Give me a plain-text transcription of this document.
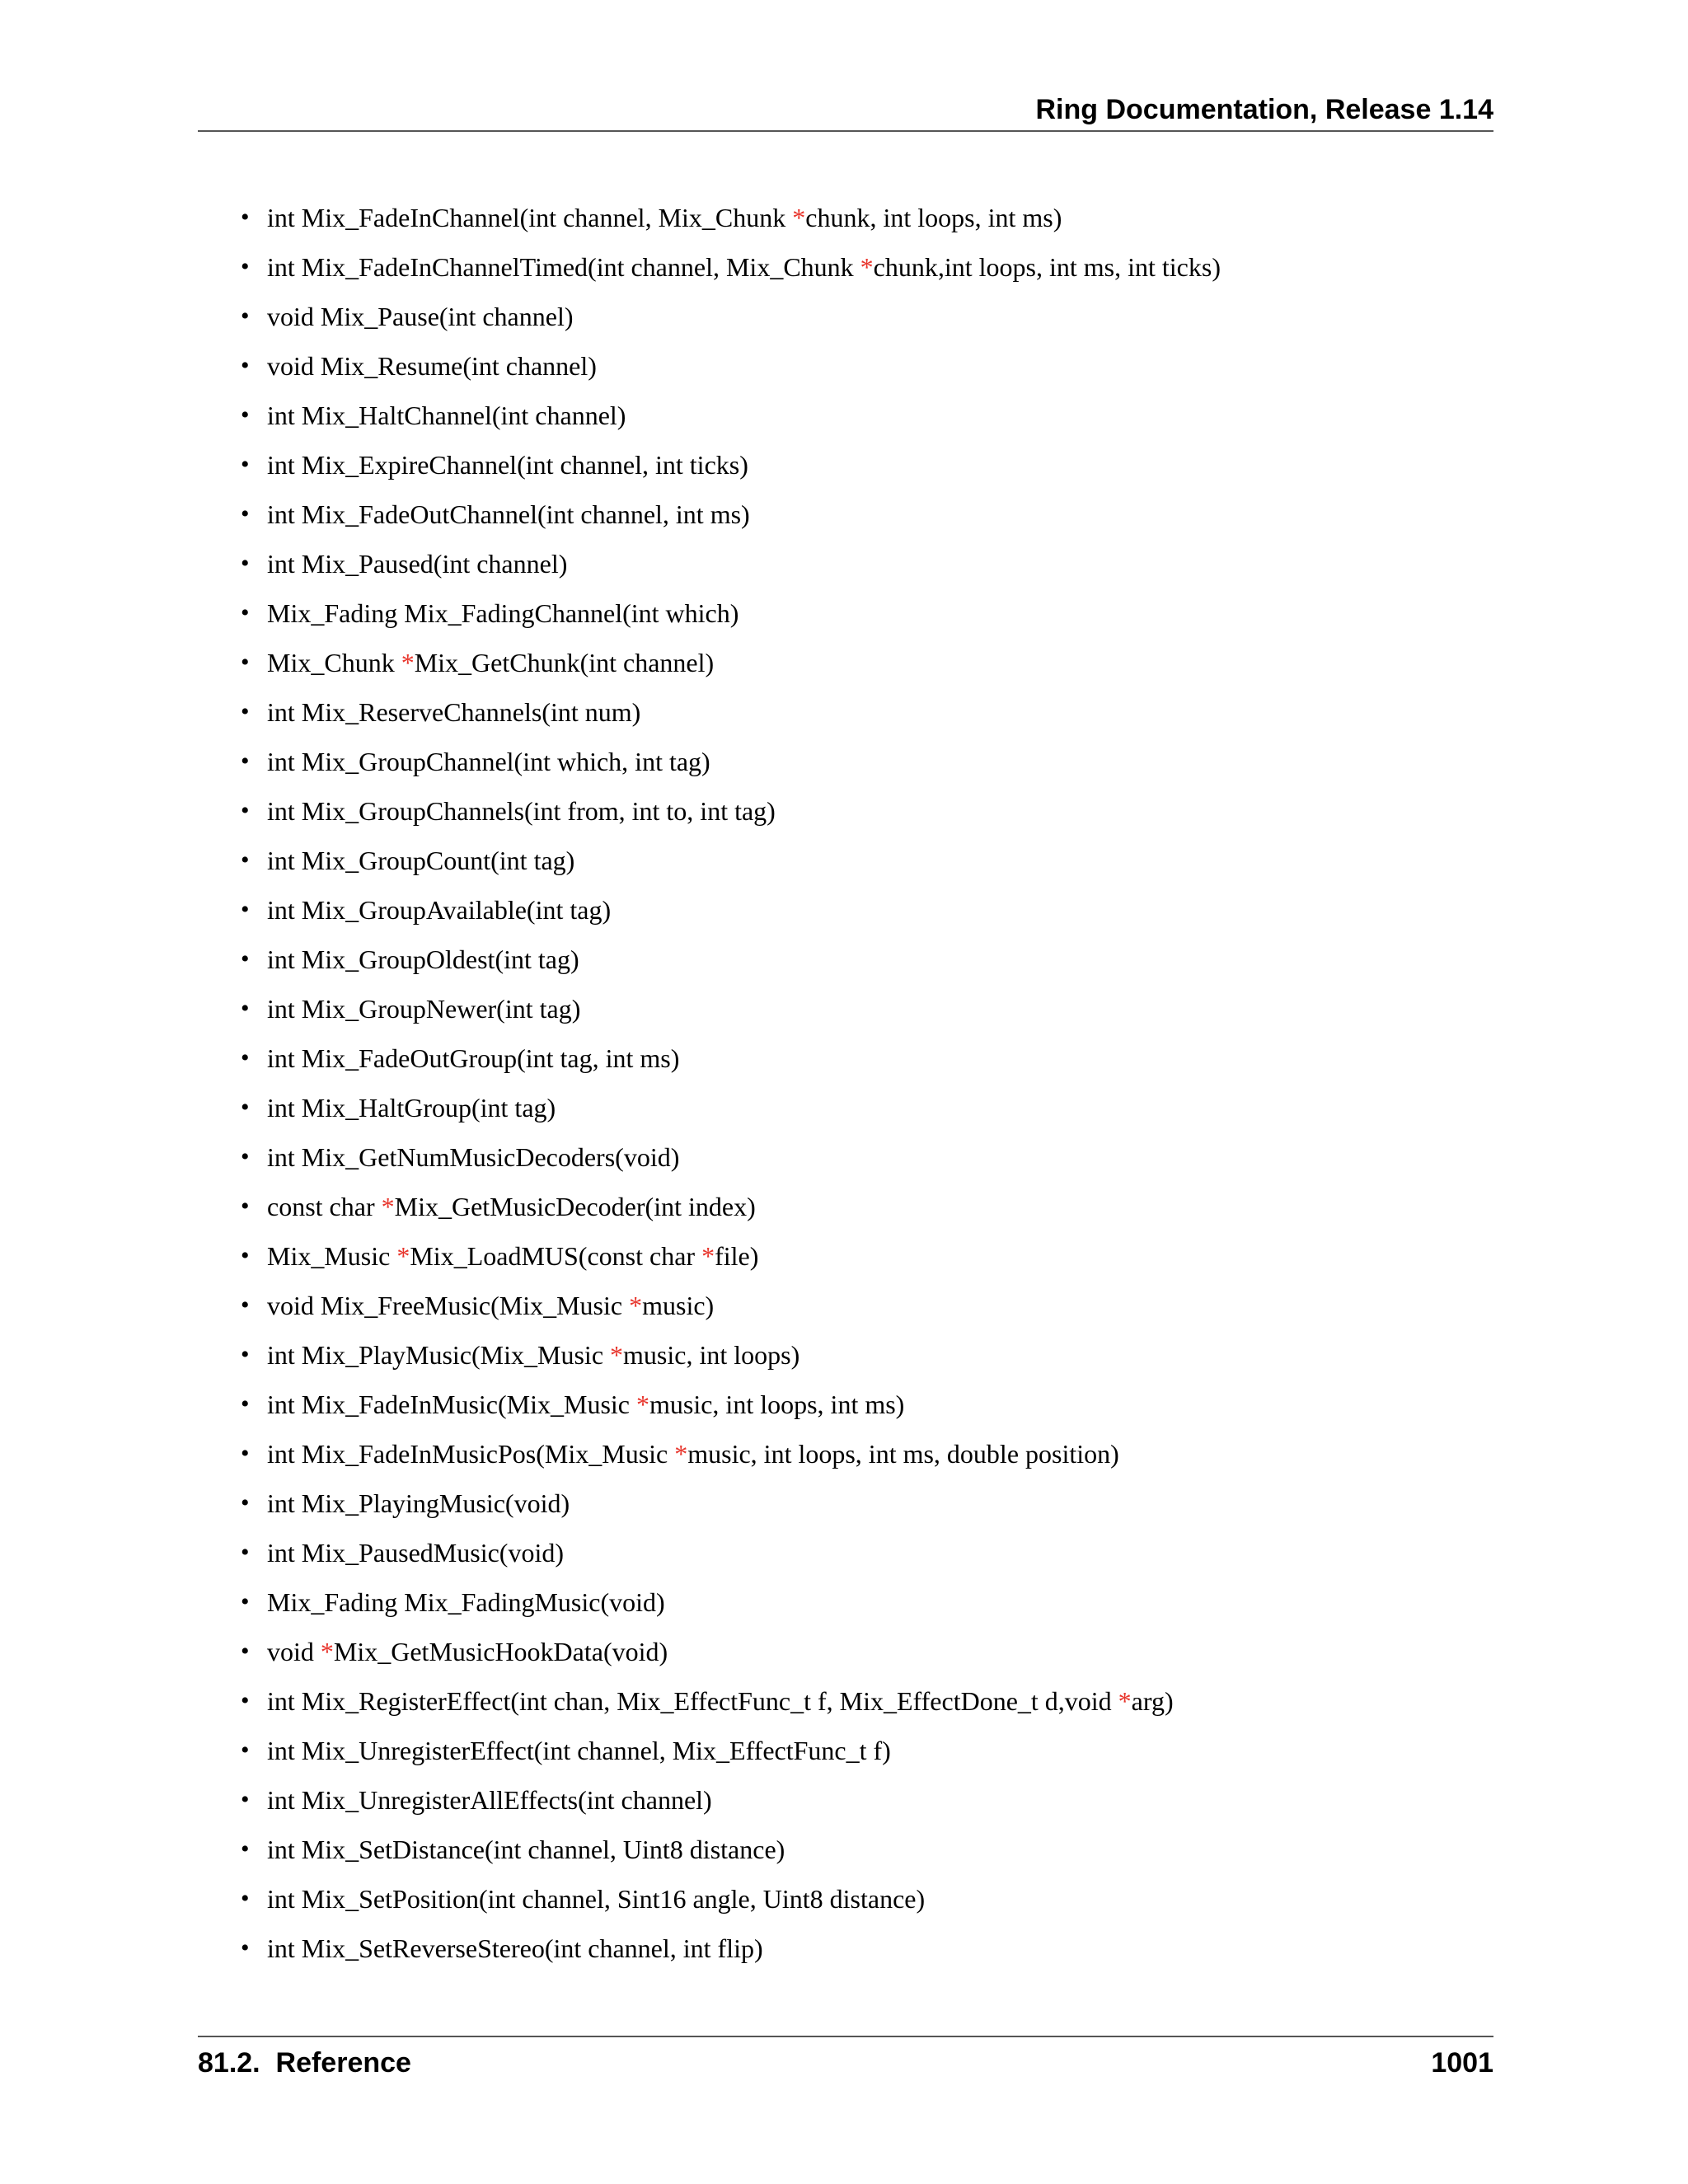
Ring Documentation, Release 1.14
• int Mix_FadeInChannel(int channel, Mix_Chunk *chunk, int loops, int ms)
• int Mix_FadeInChannelTimed(int channel, Mix_Chunk *chunk,int loops, int ms, int ticks)
• void Mix_Pause(int channel)
• void Mix_Resume(int channel)
• int Mix_HaltChannel(int channel)
• int Mix_ExpireChannel(int channel, int ticks)
• int Mix_FadeOutChannel(int channel, int ms)
• int Mix_Paused(int channel)
• Mix_Fading Mix_FadingChannel(int which)
• Mix_Chunk *Mix_GetChunk(int channel)
• int Mix_ReserveChannels(int num)
• int Mix_GroupChannel(int which, int tag)
• int Mix_GroupChannels(int from, int to, int tag)
• int Mix_GroupCount(int tag)
• int Mix_GroupAvailable(int tag)
• int Mix_GroupOldest(int tag)
• int Mix_GroupNewer(int tag)
• int Mix_FadeOutGroup(int tag, int ms)
• int Mix_HaltGroup(int tag)
• int Mix_GetNumMusicDecoders(void)
• const char *Mix_GetMusicDecoder(int index)
• Mix_Music *Mix_LoadMUS(const char *file)
• void Mix_FreeMusic(Mix_Music *music)
• int Mix_PlayMusic(Mix_Music *music, int loops)
• int Mix_FadeInMusic(Mix_Music *music, int loops, int ms)
• int Mix_FadeInMusicPos(Mix_Music *music, int loops, int ms, double position)
• int Mix_PlayingMusic(void)
• int Mix_PausedMusic(void)
• Mix_Fading Mix_FadingMusic(void)
• void *Mix_GetMusicHookData(void)
• int Mix_RegisterEffect(int chan, Mix_EffectFunc_t f, Mix_EffectDone_t d,void *arg)
• int Mix_UnregisterEffect(int channel, Mix_EffectFunc_t f)
• int Mix_UnregisterAllEffects(int channel)
• int Mix_SetDistance(int channel, Uint8 distance)
• int Mix_SetPosition(int channel, Sint16 angle, Uint8 distance)
• int Mix_SetReverseStereo(int channel, int flip)
81.2.  Reference	1001
